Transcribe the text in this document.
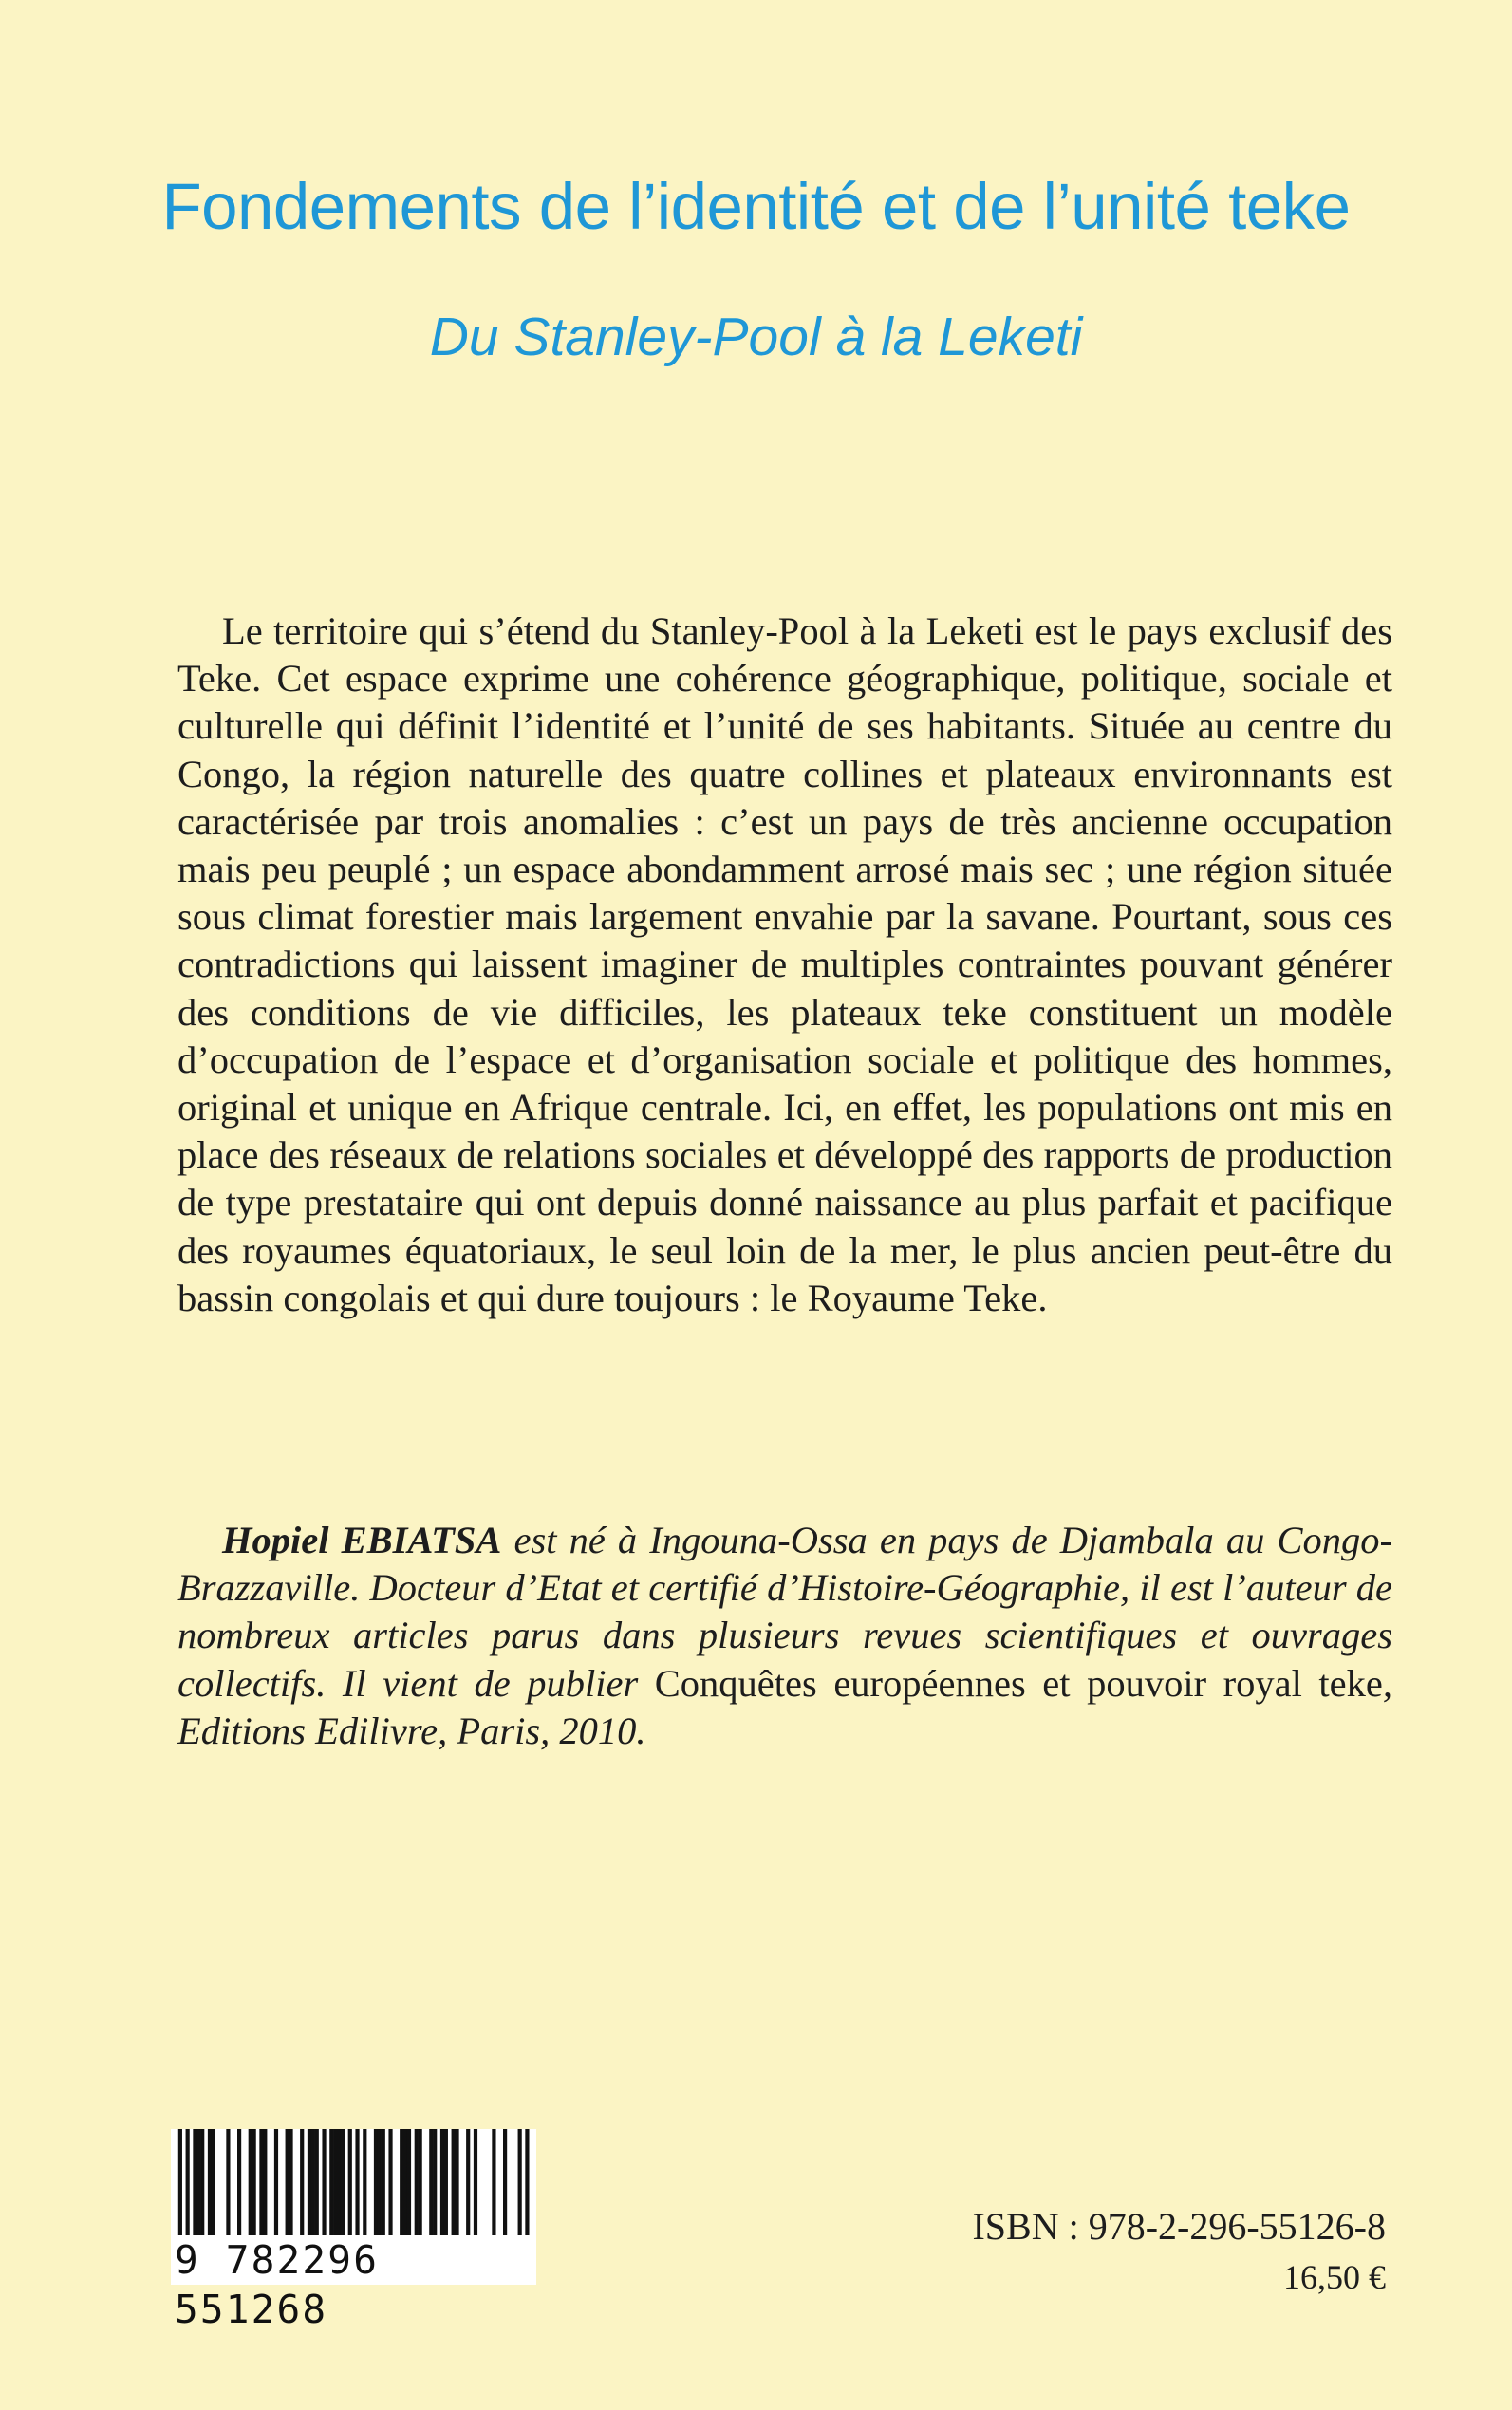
Fondements de l’identité et de l’unité teke
Du Stanley-Pool à la Leketi

Le territoire qui s’étend du Stanley-Pool à la Leketi est le pays exclusif des Teke. Cet espace exprime une cohérence géographique, politique, sociale et culturelle qui définit l’identité et l’unité de ses habitants. Située au centre du Congo, la région naturelle des quatre collines et plateaux environnants est caractérisée par trois anomalies : c’est un pays de très ancienne occupation mais peu peuplé ; un espace abondamment arrosé mais sec ; une région située sous climat forestier mais largement envahie par la savane. Pourtant, sous ces contradictions qui laissent imaginer de multiples contraintes pouvant générer des conditions de vie difficiles, les plateaux teke constituent un modèle d’occupation de l’espace et d’organisation sociale et politique des hommes, original et unique en Afrique centrale. Ici, en effet, les populations ont mis en place des réseaux de relations sociales et développé des rapports de production de type prestataire qui ont depuis donné naissance au plus parfait et pacifique des royaumes équatoriaux, le seul loin de la mer, le plus ancien peut-être du bassin congolais et qui dure toujours : le Royaume Teke.

Hopiel EBIATSA est né à Ingouna-Ossa en pays de Djambala au Congo-Brazzaville. Docteur d’Etat et certifié d’Histoire-Géographie, il est l’auteur de nombreux articles parus dans plusieurs revues scientifiques et ouvrages collectifs. Il vient de publier Conquêtes européennes et pouvoir royal teke, Editions Edilivre, Paris, 2010.

9 782296 551268
ISBN : 978-2-296-55126-8
16,50 €
